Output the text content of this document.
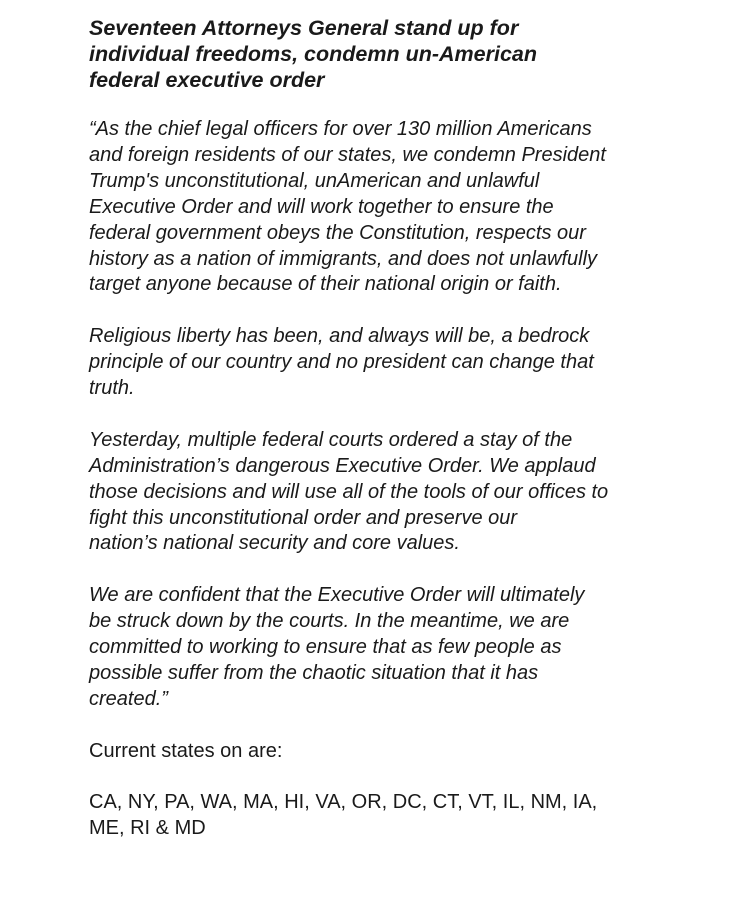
Seventeen Attorneys General stand up for
individual freedoms, condemn un-American
federal executive order
“As the chief legal officers for over 130 million Americans
and foreign residents of our states, we condemn President
Trump's unconstitutional, unAmerican and unlawful
Executive Order and will work together to ensure the
federal government obeys the Constitution, respects our
history as a nation of immigrants, and does not unlawfully
target anyone because of their national origin or faith.
Religious liberty has been, and always will be, a bedrock
principle of our country and no president can change that
truth.
Yesterday, multiple federal courts ordered a stay of the
Administration’s dangerous Executive Order. We applaud
those decisions and will use all of the tools of our offices to
fight this unconstitutional order and preserve our
nation’s national security and core values.
We are confident that the Executive Order will ultimately
be struck down by the courts. In the meantime, we are
committed to working to ensure that as few people as
possible suffer from the chaotic situation that it has
created.”
Current states on are:
CA, NY, PA, WA, MA, HI, VA, OR, DC, CT, VT, IL, NM, IA,
ME, RI & MD
